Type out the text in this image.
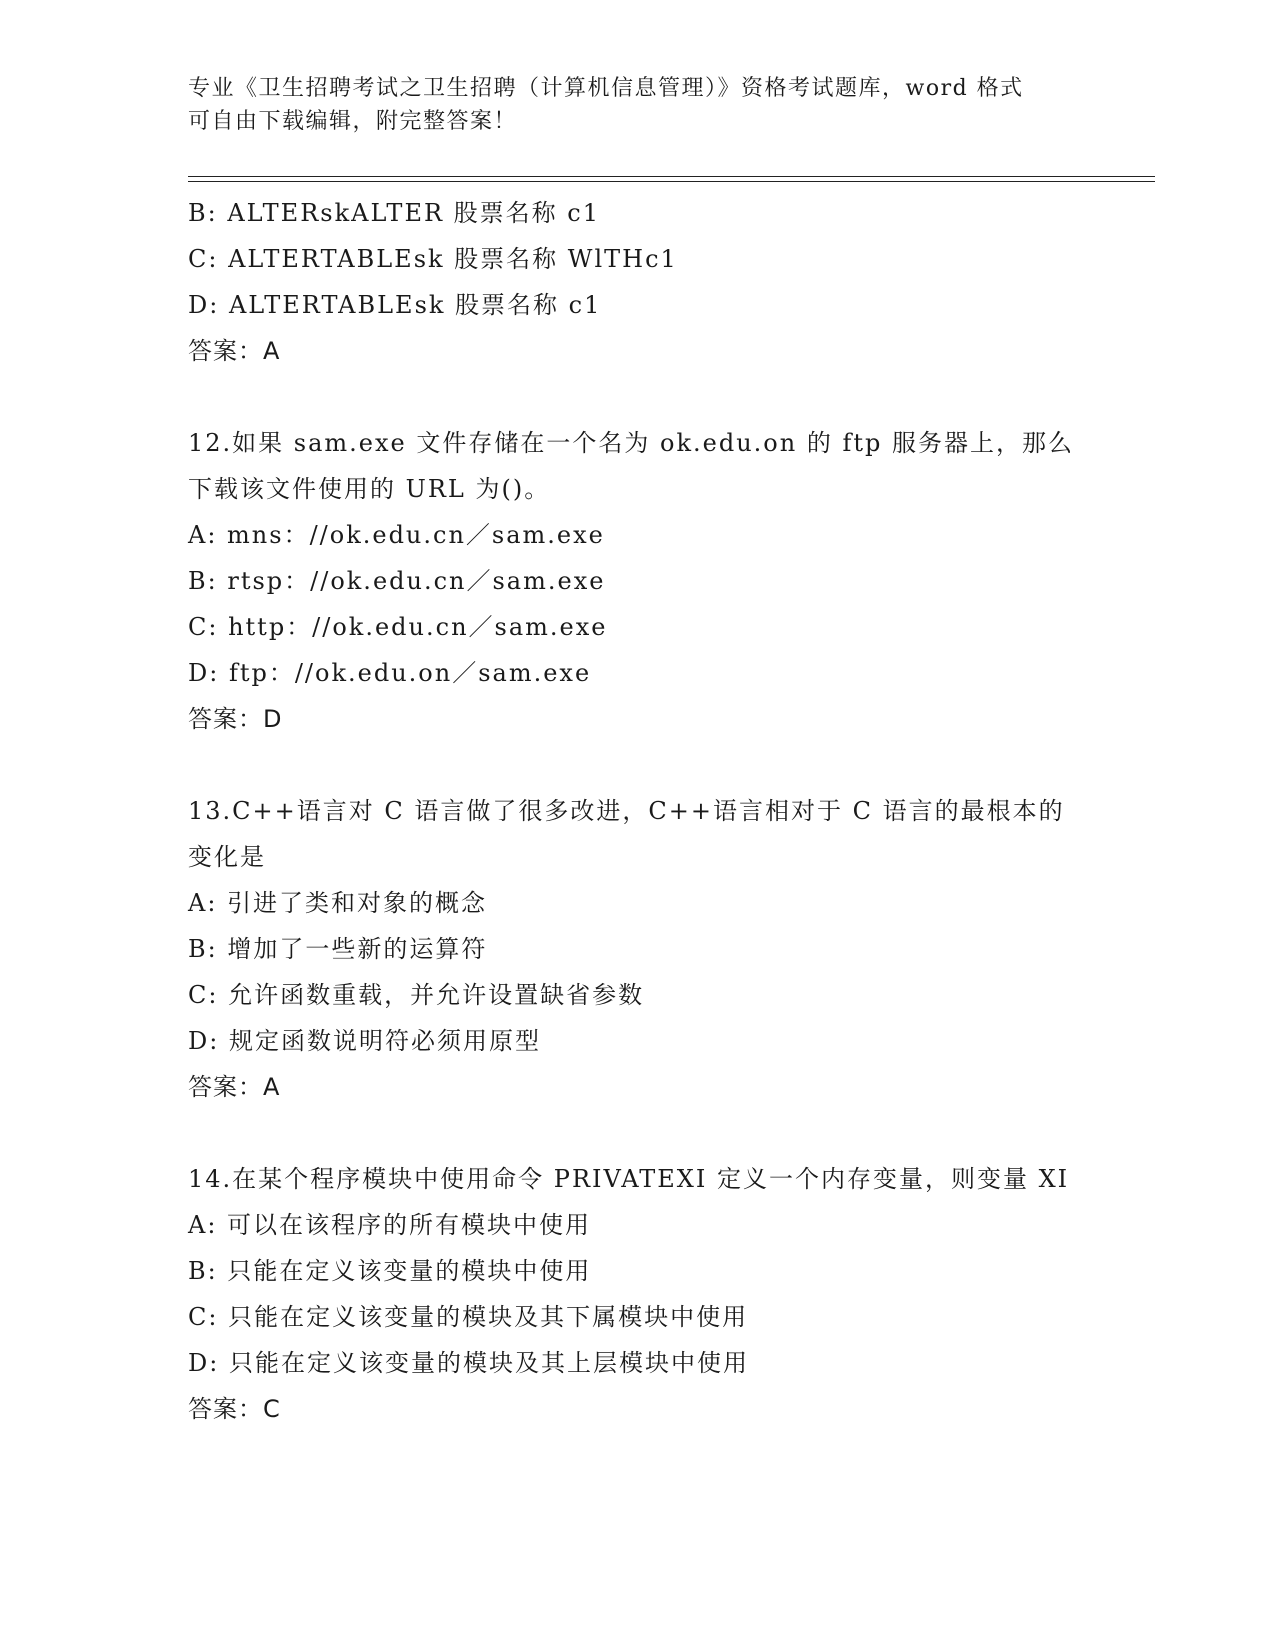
专业《卫生招聘考试之卫生招聘（计算机信息管理）》资格考试题库，word 格式
可自由下载编辑，附完整答案！
B: ALTERskALTER 股票名称 c1
C: ALTERTABLEsk 股票名称 WlTHc1
D: ALTERTABLEsk 股票名称 c1
答案：A
12.如果 sam.exe 文件存储在一个名为 ok.edu.on 的 ftp 服务器上，那么下载该文件使用的 URL 为()。
A: mns：//ok.edu.cn／sam.exe
B: rtsp：//ok.edu.cn／sam.exe
C: http：//ok.edu.cn／sam.exe
D: ftp：//ok.edu.on／sam.exe
答案：D
13.C++语言对 C 语言做了很多改进，C++语言相对于 C 语言的最根本的变化是
A: 引进了类和对象的概念
B: 增加了一些新的运算符
C: 允许函数重载，并允许设置缺省参数
D: 规定函数说明符必须用原型
答案：A
14.在某个程序模块中使用命令 PRIVATEXI 定义一个内存变量，则变量 XI
A: 可以在该程序的所有模块中使用
B: 只能在定义该变量的模块中使用
C: 只能在定义该变量的模块及其下属模块中使用
D: 只能在定义该变量的模块及其上层模块中使用
答案：C
